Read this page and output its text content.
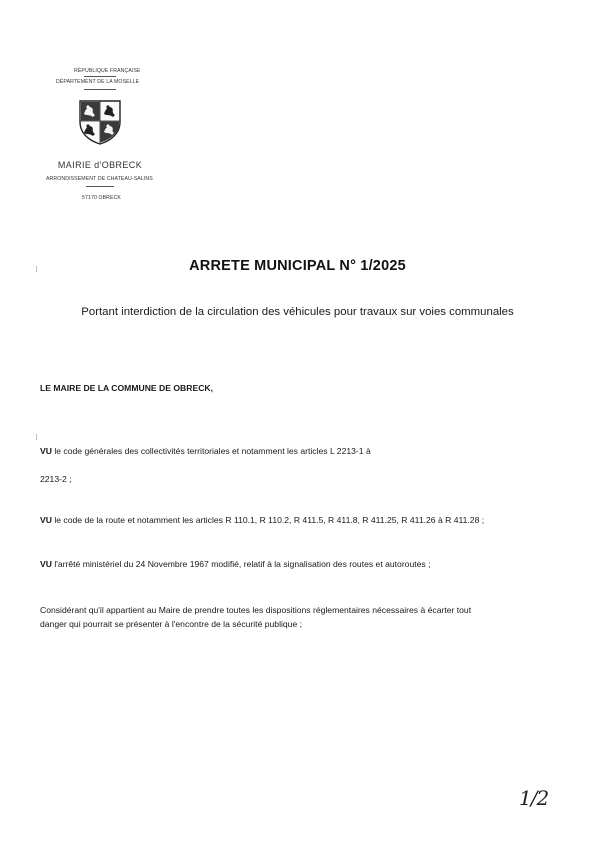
RÉPUBLIQUE FRANÇAISE
DÉPARTEMENT DE LA MOSELLE
MAIRIE d'OBRECK
ARRONDISSEMENT DE CHATEAU-SALINS
57170 OBRECK
ARRETE MUNICIPAL N° 1/2025
Portant interdiction de la circulation des véhicules pour travaux sur voies communales
LE MAIRE DE LA COMMUNE DE OBRECK,
VU le code générales des collectivités territoriales et notamment les articles L 2213-1 à
2213-2 ;
VU le code de la route et notamment les articles R 110.1, R 110.2, R 411.5, R 411.8, R 411.25, R 411.26 à R 411.28 ;
VU l'arrêté ministériel du 24 Novembre 1967 modifié, relatif à la signalisation des routes et autoroutes ;
Considérant qu'il appartient au Maire de prendre toutes les dispositions réglementaires nécessaires à écarter tout
danger qui pourrait se présenter à l'encontre de la sécurité publique ;
1/2
